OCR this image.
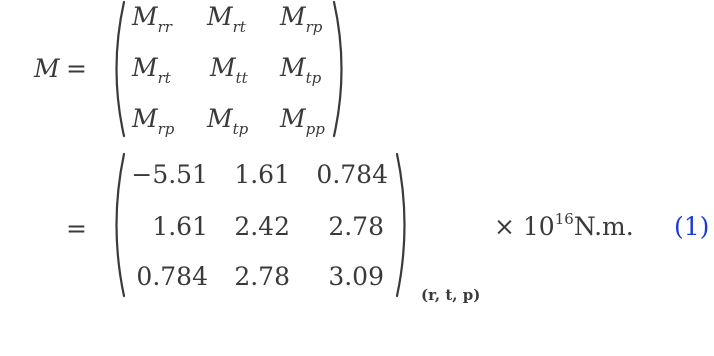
M =
$M_{rr}$ $M_{rt}$ $M_{rp}$
$M_{rt}$ $M_{tt}$ $M_{tp}$
$M_{rp}$ $M_{tp}$ $M_{pp}$
=
−5.51	1.61	0.784
1.61	2.42	2.78
0.784	2.78	3.09
(r, t, p)
× $10^{16}N.m$. (1)
